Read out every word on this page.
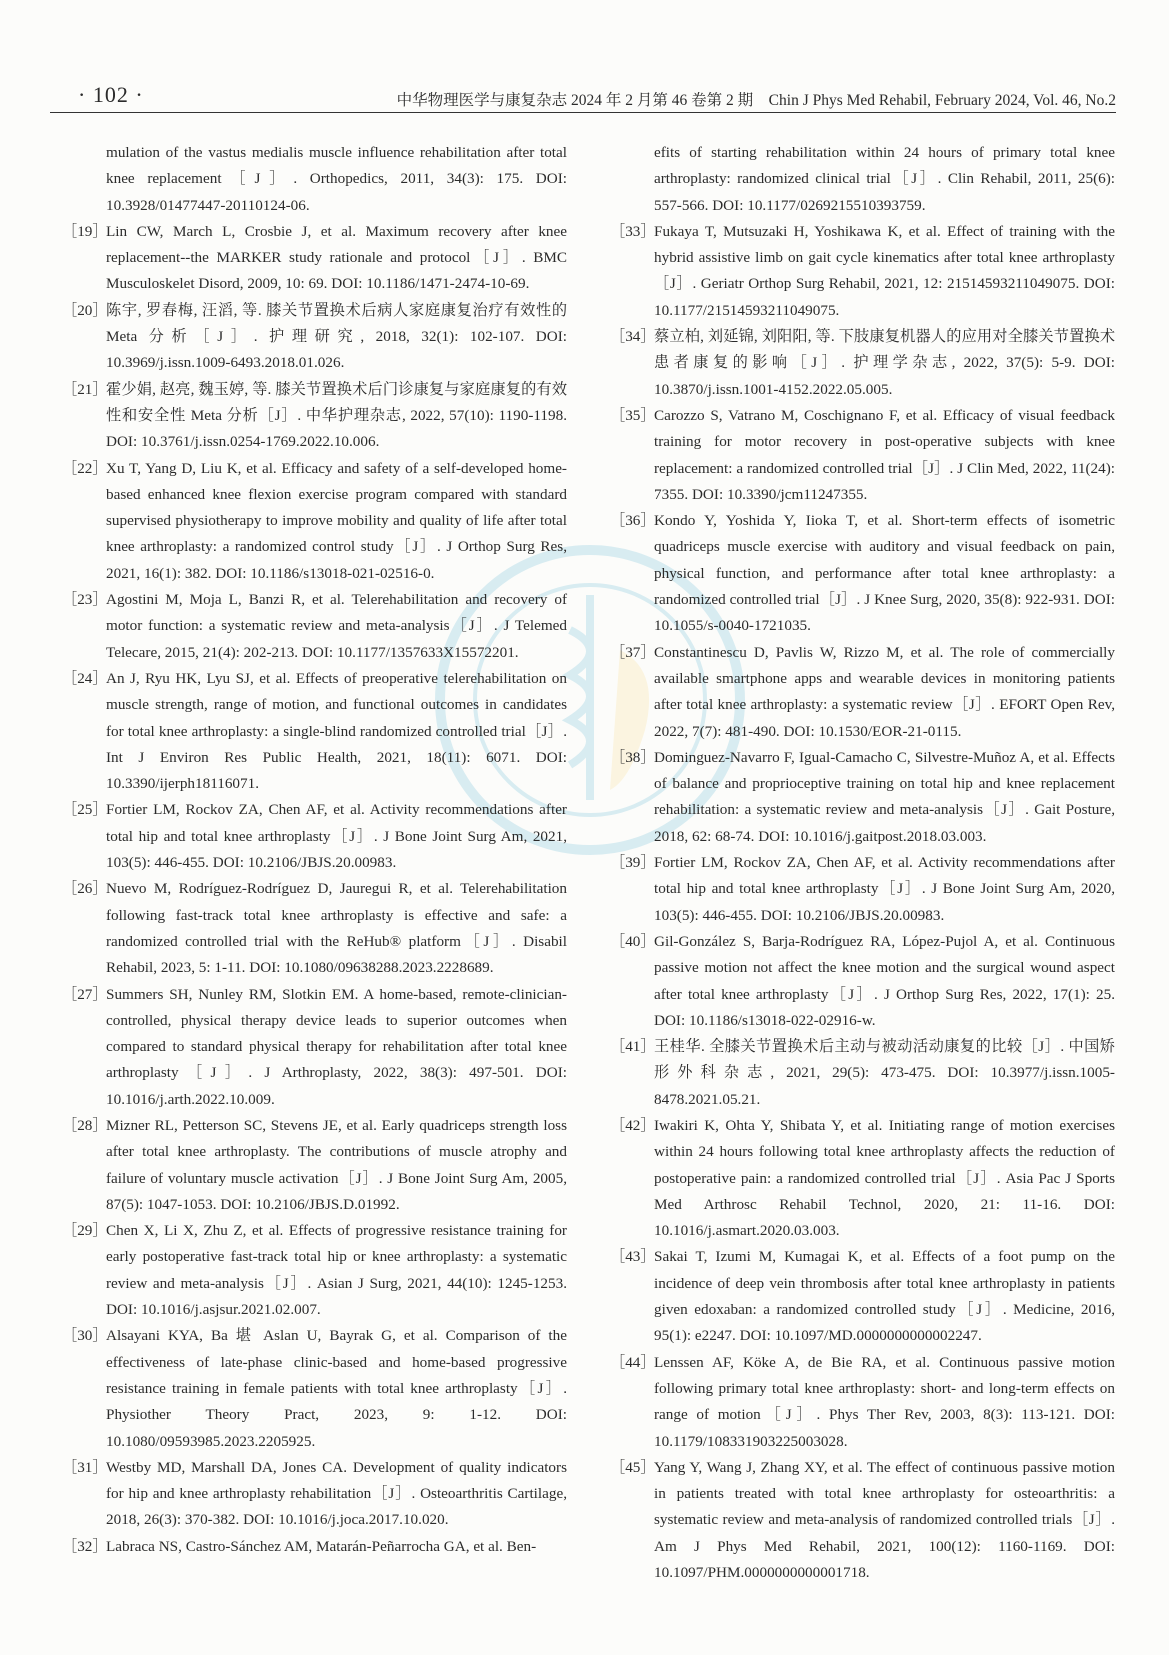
· 102 ·	中华物理医学与康复杂志 2024 年 2 月第 46 卷第 2 期　Chin J Phys Med Rehabil, February 2024, Vol. 46, No.2
mulation of the vastus medialis muscle influence rehabilitation after total knee replacement［J］. Orthopedics, 2011, 34(3): 175. DOI: 10.3928/01477447-20110124-06.
［19］
Lin CW, March L, Crosbie J, et al. Maximum recovery after knee replacement--the MARKER study rationale and protocol［J］. BMC Musculoskelet Disord, 2009, 10: 69. DOI: 10.1186/1471-2474-10-69.
［20］
陈宇, 罗春梅, 汪滔, 等. 膝关节置换术后病人家庭康复治疗有效性的 Meta 分析［J］. 护理研究, 2018, 32(1): 102-107. DOI: 10.3969/j.issn.1009-6493.2018.01.026.
［21］
霍少娟, 赵亮, 魏玉婷, 等. 膝关节置换术后门诊康复与家庭康复的有效性和安全性 Meta 分析［J］. 中华护理杂志, 2022, 57(10): 1190-1198. DOI: 10.3761/j.issn.0254-1769.2022.10.006.
［22］
Xu T, Yang D, Liu K, et al. Efficacy and safety of a self-developed home-based enhanced knee flexion exercise program compared with standard supervised physiotherapy to improve mobility and quality of life after total knee arthroplasty: a randomized control study［J］. J Orthop Surg Res, 2021, 16(1): 382. DOI: 10.1186/s13018-021-02516-0.
［23］
Agostini M, Moja L, Banzi R, et al. Telerehabilitation and recovery of motor function: a systematic review and meta-analysis［J］. J Telemed Telecare, 2015, 21(4): 202-213. DOI: 10.1177/1357633X15572201.
［24］
An J, Ryu HK, Lyu SJ, et al. Effects of preoperative telerehabilitation on muscle strength, range of motion, and functional outcomes in candidates for total knee arthroplasty: a single-blind randomized controlled trial［J］. Int J Environ Res Public Health, 2021, 18(11): 6071. DOI: 10.3390/ijerph18116071.
［25］
Fortier LM, Rockov ZA, Chen AF, et al. Activity recommendations after total hip and total knee arthroplasty［J］. J Bone Joint Surg Am, 2021, 103(5): 446-455. DOI: 10.2106/JBJS.20.00983.
［26］
Nuevo M, Rodríguez-Rodríguez D, Jauregui R, et al. Telerehabilitation following fast-track total knee arthroplasty is effective and safe: a randomized controlled trial with the ReHub® platform［J］. Disabil Rehabil, 2023, 5: 1-11. DOI: 10.1080/09638288.2023.2228689.
［27］
Summers SH, Nunley RM, Slotkin EM. A home-based, remote-clinician-controlled, physical therapy device leads to superior outcomes when compared to standard physical therapy for rehabilitation after total knee arthroplasty［J］. J Arthroplasty, 2022, 38(3): 497-501. DOI: 10.1016/j.arth.2022.10.009.
［28］
Mizner RL, Petterson SC, Stevens JE, et al. Early quadriceps strength loss after total knee arthroplasty. The contributions of muscle atrophy and failure of voluntary muscle activation［J］. J Bone Joint Surg Am, 2005, 87(5): 1047-1053. DOI: 10.2106/JBJS.D.01992.
［29］
Chen X, Li X, Zhu Z, et al. Effects of progressive resistance training for early postoperative fast-track total hip or knee arthroplasty: a systematic review and meta-analysis［J］. Asian J Surg, 2021, 44(10): 1245-1253. DOI: 10.1016/j.asjsur.2021.02.007.
［30］
Alsayani KYA, Ba 堪 Aslan U, Bayrak G, et al. Comparison of the effectiveness of late-phase clinic-based and home-based progressive resistance training in female patients with total knee arthroplasty［J］. Physiother Theory Pract, 2023, 9: 1-12. DOI: 10.1080/09593985.2023.2205925.
［31］
Westby MD, Marshall DA, Jones CA. Development of quality indicators for hip and knee arthroplasty rehabilitation［J］. Osteoarthritis Cartilage, 2018, 26(3): 370-382. DOI: 10.1016/j.joca.2017.10.020.
［32］
Labraca NS, Castro-Sánchez AM, Matarán-Peñarrocha GA, et al. Ben-
efits of starting rehabilitation within 24 hours of primary total knee arthroplasty: randomized clinical trial［J］. Clin Rehabil, 2011, 25(6): 557-566. DOI: 10.1177/0269215510393759.
［33］
Fukaya T, Mutsuzaki H, Yoshikawa K, et al. Effect of training with the hybrid assistive limb on gait cycle kinematics after total knee arthroplasty［J］. Geriatr Orthop Surg Rehabil, 2021, 12: 21514593211049075. DOI: 10.1177/21514593211049075.
［34］
蔡立柏, 刘延锦, 刘阳阳, 等. 下肢康复机器人的应用对全膝关节置换术患者康复的影响［J］. 护理学杂志, 2022, 37(5): 5-9. DOI: 10.3870/j.issn.1001-4152.2022.05.005.
［35］
Carozzo S, Vatrano M, Coschignano F, et al. Efficacy of visual feedback training for motor recovery in post-operative subjects with knee replacement: a randomized controlled trial［J］. J Clin Med, 2022, 11(24): 7355. DOI: 10.3390/jcm11247355.
［36］
Kondo Y, Yoshida Y, Iioka T, et al. Short-term effects of isometric quadriceps muscle exercise with auditory and visual feedback on pain, physical function, and performance after total knee arthroplasty: a randomized controlled trial［J］. J Knee Surg, 2020, 35(8): 922-931. DOI: 10.1055/s-0040-1721035.
［37］
Constantinescu D, Pavlis W, Rizzo M, et al. The role of commercially available smartphone apps and wearable devices in monitoring patients after total knee arthroplasty: a systematic review［J］. EFORT Open Rev, 2022, 7(7): 481-490. DOI: 10.1530/EOR-21-0115.
［38］
Dominguez-Navarro F, Igual-Camacho C, Silvestre-Muñoz A, et al. Effects of balance and proprioceptive training on total hip and knee replacement rehabilitation: a systematic review and meta-analysis［J］. Gait Posture, 2018, 62: 68-74. DOI: 10.1016/j.gaitpost.2018.03.003.
［39］
Fortier LM, Rockov ZA, Chen AF, et al. Activity recommendations after total hip and total knee arthroplasty［J］. J Bone Joint Surg Am, 2020, 103(5): 446-455. DOI: 10.2106/JBJS.20.00983.
［40］
Gil-González S, Barja-Rodríguez RA, López-Pujol A, et al. Continuous passive motion not affect the knee motion and the surgical wound aspect after total knee arthroplasty［J］. J Orthop Surg Res, 2022, 17(1): 25. DOI: 10.1186/s13018-022-02916-w.
［41］
王桂华. 全膝关节置换术后主动与被动活动康复的比较［J］. 中国矫形外科杂志, 2021, 29(5): 473-475. DOI: 10.3977/j.issn.1005-8478.2021.05.21.
［42］
Iwakiri K, Ohta Y, Shibata Y, et al. Initiating range of motion exercises within 24 hours following total knee arthroplasty affects the reduction of postoperative pain: a randomized controlled trial［J］. Asia Pac J Sports Med Arthrosc Rehabil Technol, 2020, 21: 11-16. DOI: 10.1016/j.asmart.2020.03.003.
［43］
Sakai T, Izumi M, Kumagai K, et al. Effects of a foot pump on the incidence of deep vein thrombosis after total knee arthroplasty in patients given edoxaban: a randomized controlled study［J］. Medicine, 2016, 95(1): e2247. DOI: 10.1097/MD.0000000000002247.
［44］
Lenssen AF, Köke A, de Bie RA, et al. Continuous passive motion following primary total knee arthroplasty: short- and long-term effects on range of motion［J］. Phys Ther Rev, 2003, 8(3): 113-121. DOI: 10.1179/108331903225003028.
［45］
Yang Y, Wang J, Zhang XY, et al. The effect of continuous passive motion in patients treated with total knee arthroplasty for osteoarthritis: a systematic review and meta-analysis of randomized controlled trials［J］. Am J Phys Med Rehabil, 2021, 100(12): 1160-1169. DOI: 10.1097/PHM.0000000000001718.
